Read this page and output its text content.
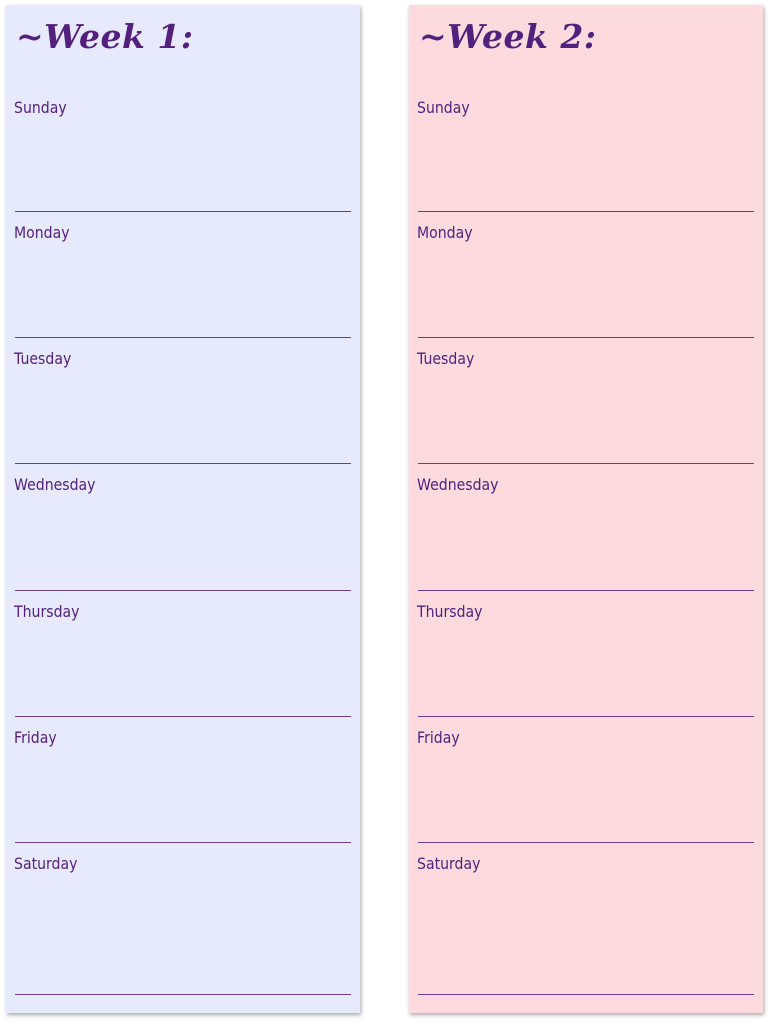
~Week 1:
Sunday
Monday
Tuesday
Wednesday
Thursday
Friday
Saturday
~Week 2:
Sunday
Monday
Tuesday
Wednesday
Thursday
Friday
Saturday
